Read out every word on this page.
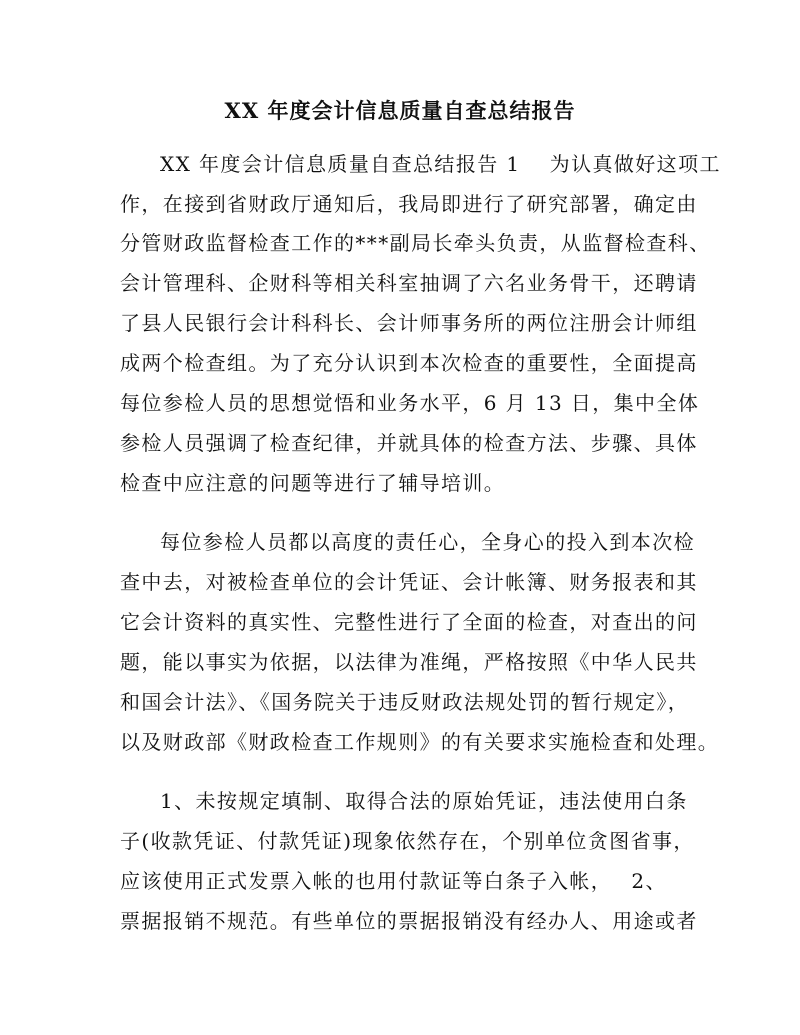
XX 年度会计信息质量自查总结报告
XX 年度会计信息质量自查总结报告 1　 为认真做好这项工
作，在接到省财政厅通知后，我局即进行了研究部署，确定由
分管财政监督检查工作的***副局长牵头负责，从监督检查科、
会计管理科、企财科等相关科室抽调了六名业务骨干，还聘请
了县人民银行会计科科长、会计师事务所的两位注册会计师组
成两个检查组。为了充分认识到本次检查的重要性，全面提高
每位参检人员的思想觉悟和业务水平，6 月 13 日，集中全体
参检人员强调了检查纪律，并就具体的检查方法、步骤、具体
检查中应注意的问题等进行了辅导培训。
每位参检人员都以高度的责任心，全身心的投入到本次检
查中去，对被检查单位的会计凭证、会计帐簿、财务报表和其
它会计资料的真实性、完整性进行了全面的检查，对查出的问
题，能以事实为依据，以法律为准绳，严格按照《中华人民共
和国会计法》、《国务院关于违反财政法规处罚的暂行规定》，
以及财政部《财政检查工作规则》的有关要求实施检查和处理。
1、未按规定填制、取得合法的原始凭证，违法使用白条
子(收款凭证、付款凭证)现象依然存在，个别单位贪图省事，
应该使用正式发票入帐的也用付款证等白条子入帐，　 2、
票据报销不规范。有些单位的票据报销没有经办人、用途或者
